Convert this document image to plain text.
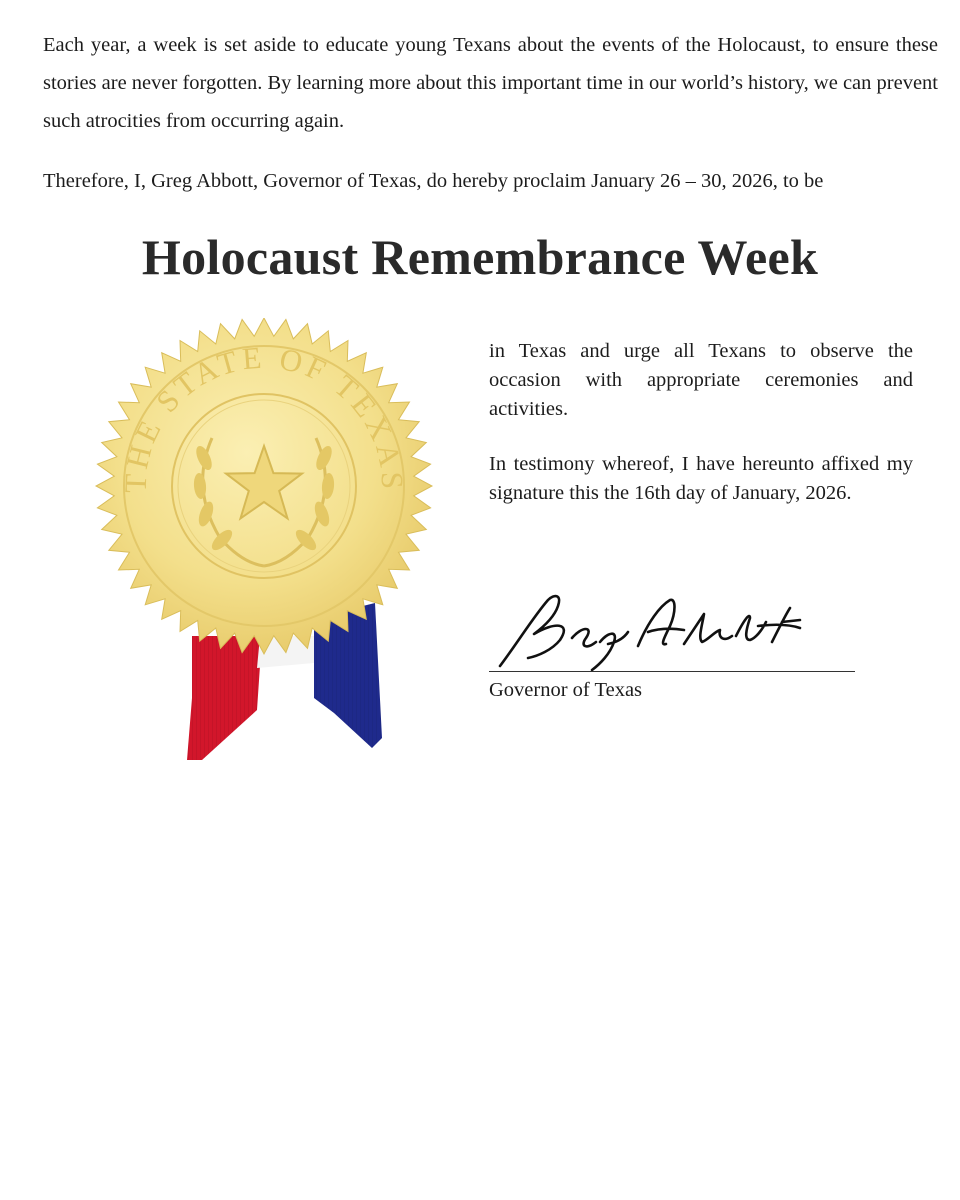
Each year, a week is set aside to educate young Texans about the events of the Holocaust, to ensure these stories are never forgotten. By learning more about this important time in our world’s history, we can prevent such atrocities from occurring again.

Therefore, I, Greg Abbott, Governor of Texas, do hereby proclaim January 26 – 30, 2026, to be

Holocaust Remembrance Week
THE STATE OF TEXAS

in Texas and urge all Texans to observe the occasion with appropriate ceremonies and activities.

In testimony whereof, I have hereunto affixed my signature this the 16th day of January, 2026.

Governor of Texas
